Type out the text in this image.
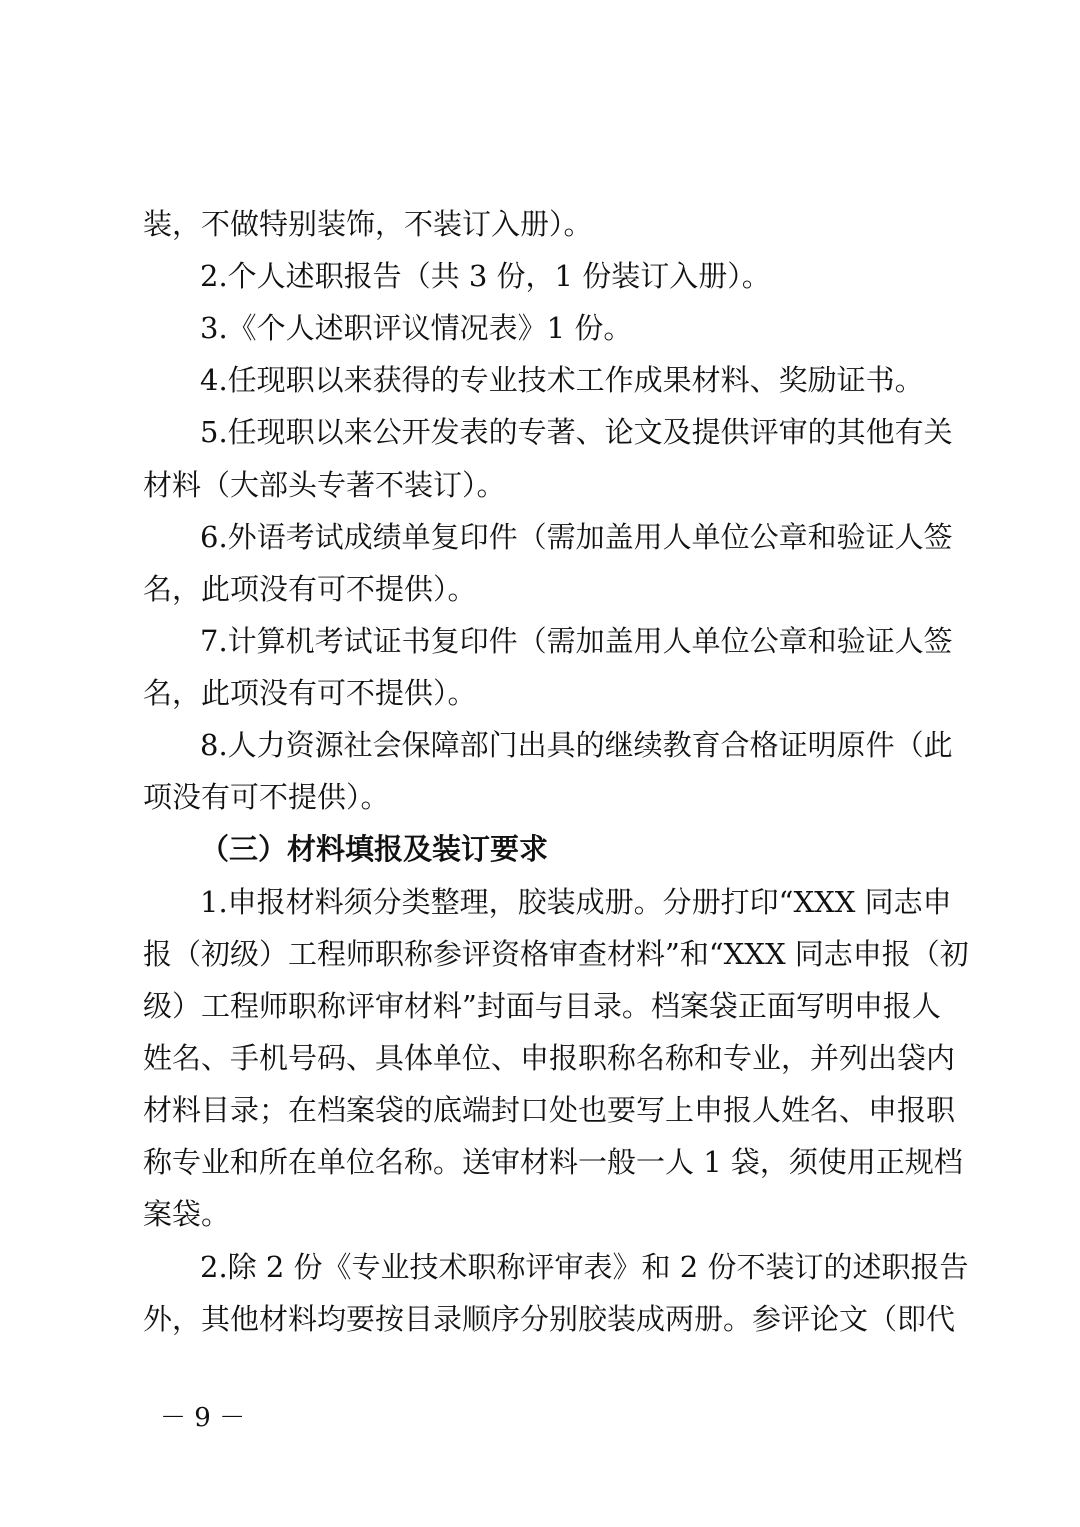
装，不做特别装饰，不装订入册）。
2.个人述职报告（共 3 份，1 份装订入册）。
3.《个人述职评议情况表》1 份。
4.任现职以来获得的专业技术工作成果材料、奖励证书。
5.任现职以来公开发表的专著、论文及提供评审的其他有关
材料（大部头专著不装订）。
6.外语考试成绩单复印件（需加盖用人单位公章和验证人签
名，此项没有可不提供）。
7.计算机考试证书复印件（需加盖用人单位公章和验证人签
名，此项没有可不提供）。
8.人力资源社会保障部门出具的继续教育合格证明原件（此
项没有可不提供）。
（三）材料填报及装订要求
1.申报材料须分类整理，胶装成册。分册打印“XXX 同志申
报（初级）工程师职称参评资格审查材料”和“XXX 同志申报（初
级）工程师职称评审材料”封面与目录。档案袋正面写明申报人
姓名、手机号码、具体单位、申报职称名称和专业，并列出袋内
材料目录；在档案袋的底端封口处也要写上申报人姓名、申报职
称专业和所在单位名称。送审材料一般一人 1 袋，须使用正规档
案袋。
2.除 2 份《专业技术职称评审表》和 2 份不装订的述职报告
外，其他材料均要按目录顺序分别胶装成两册。参评论文（即代
－ 9 －
